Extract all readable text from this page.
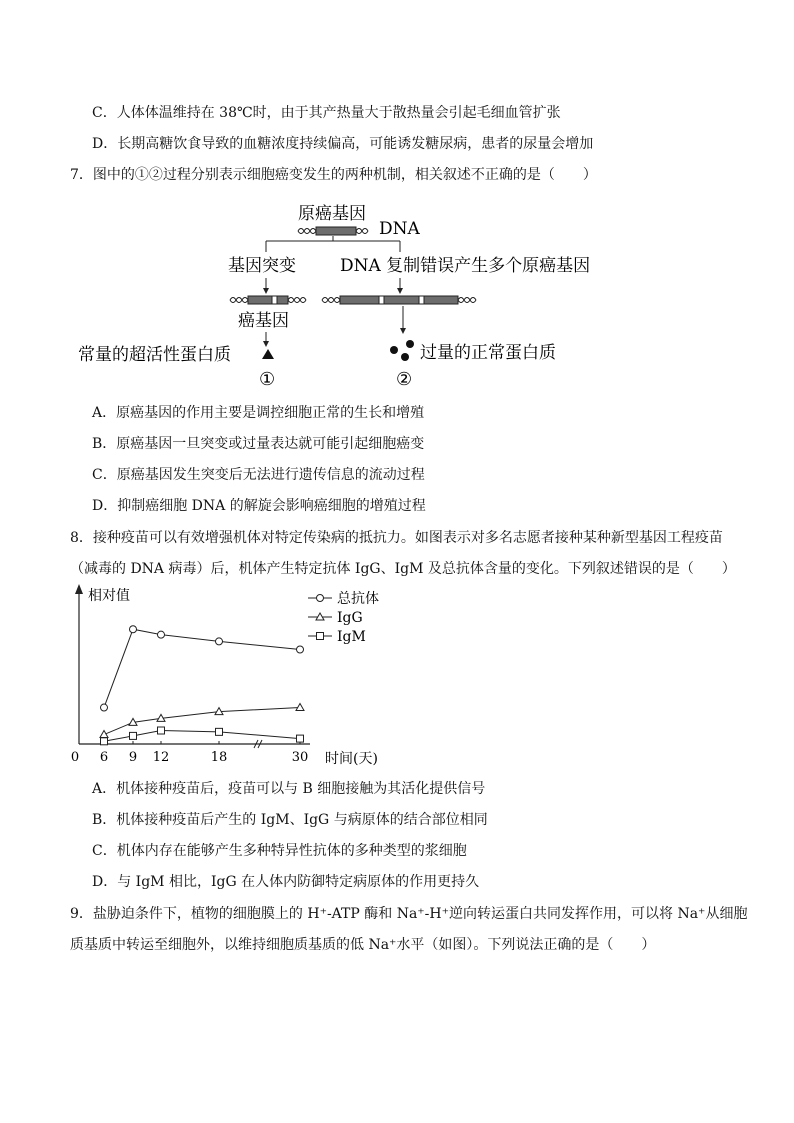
C．人体体温维持在 38℃时，由于其产热量大于散热量会引起毛细血管扩张
D．长期高糖饮食导致的血糖浓度持续偏高，可能诱发糖尿病，患者的尿量会增加
7．图中的①②过程分别表示细胞癌变发生的两种机制，相关叙述不正确的是（　　）
原癌基因
DNA
基因突变	DNA 复制错误产生多个原癌基因
癌基因
常量的超活性蛋白质	过量的正常蛋白质
①	②
A．原癌基因的作用主要是调控细胞正常的生长和增殖
B．原癌基因一旦突变或过量表达就可能引起细胞癌变
C．原癌基因发生突变后无法进行遗传信息的流动过程
D．抑制癌细胞 DNA 的解旋会影响癌细胞的增殖过程
8．接种疫苗可以有效增强机体对特定传染病的抵抗力。如图表示对多名志愿者接种某种新型基因工程疫苗
（减毒的 DNA 病毒）后，机体产生特定抗体 IgG、IgM 及总抗体含量的变化。下列叙述错误的是（　　）
相对值
0	时间(天)
6 9 12	18	30
总抗体
IgG
IgM
A．机体接种疫苗后，疫苗可以与 B 细胞接触为其活化提供信号
B．机体接种疫苗后产生的 IgM、IgG 与病原体的结合部位相同
C．机体内存在能够产生多种特异性抗体的多种类型的浆细胞
D．与 IgM 相比，IgG 在人体内防御特定病原体的作用更持久
9．盐胁迫条件下，植物的细胞膜上的 H⁺-ATP 酶和 Na⁺-H⁺逆向转运蛋白共同发挥作用，可以将 Na⁺从细胞
质基质中转运至细胞外，以维持细胞质基质的低 Na⁺水平（如图）。下列说法正确的是（　　）
